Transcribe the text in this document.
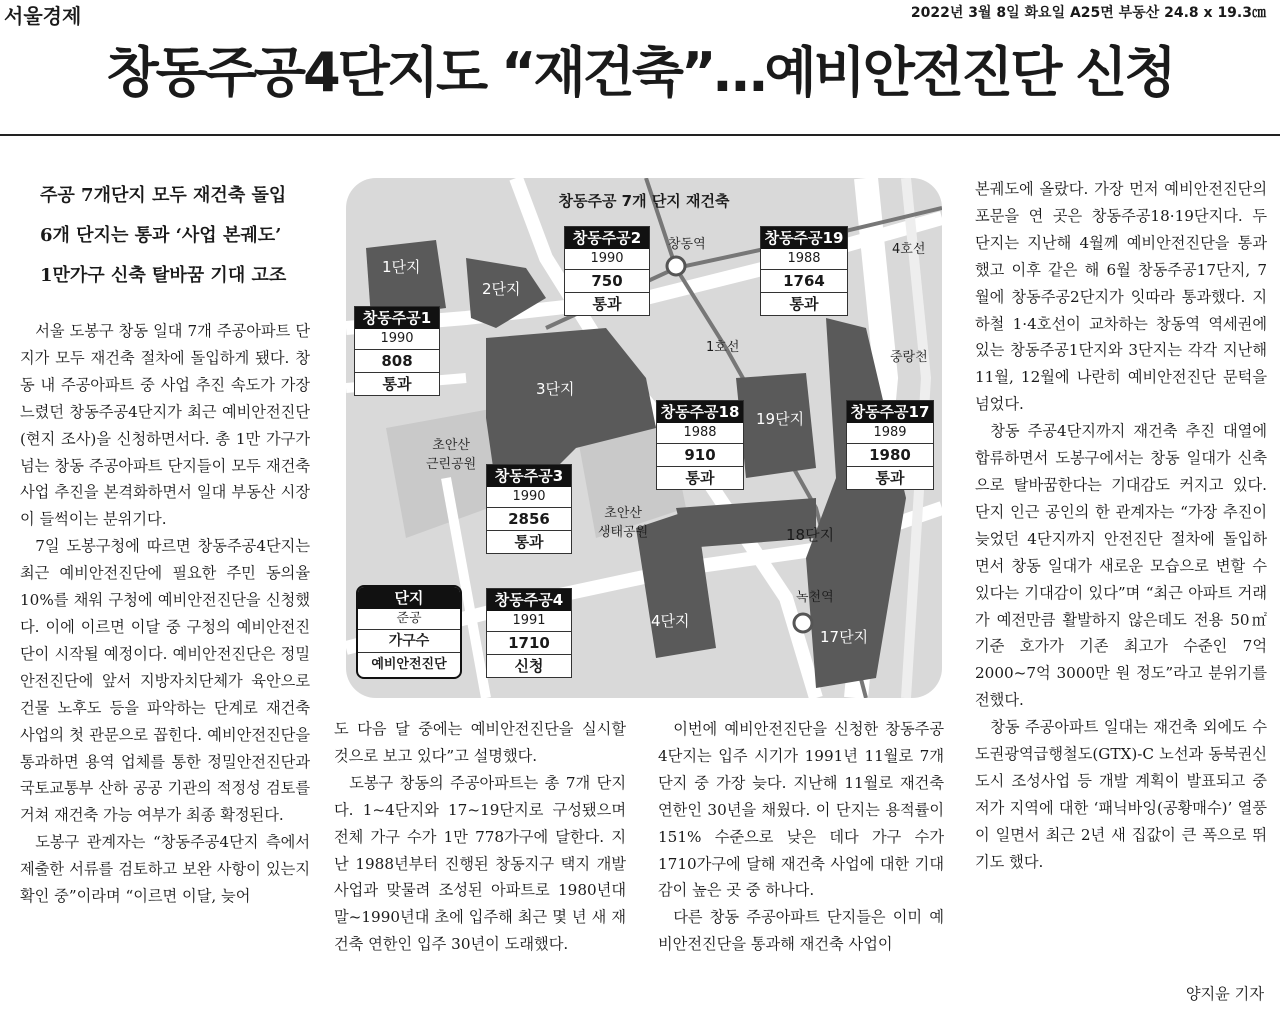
서울경제	2022년 3월 8일 화요일 A25면 부동산 24.8 x 19.3㎝
창동주공4단지도 “재건축”…예비안전진단 신청
주공 7개단지 모두 재건축 돌입
6개 단지는 통과 ‘사업 본궤도’
1만가구 신축 탈바꿈 기대 고조

서울 도봉구 창동 일대 7개 주공아파트 단지가 모두 재건축 절차에 돌입하게 됐다. 창동 내 주공아파트 중 사업 추진 속도가 가장 느렸던 창동주공4단지가 최근 예비안전진단(현지 조사)을 신청하면서다. 총 1만 가구가 넘는 창동 주공아파트 단지들이 모두 재건축 사업 추진을 본격화하면서 일대 부동산 시장이 들썩이는 분위기다.

7일 도봉구청에 따르면 창동주공4단지는 최근 예비안전진단에 필요한 주민 동의율 10%를 채워 구청에 예비안전진단을 신청했다. 이에 이르면 이달 중 구청의 예비안전진단이 시작될 예정이다. 예비안전진단은 정밀안전진단에 앞서 지방자치단체가 육안으로 건물 노후도 등을 파악하는 단계로 재건축 사업의 첫 관문으로 꼽힌다. 예비안전진단을 통과하면 용역 업체를 통한 정밀안전진단과 국토교통부 산하 공공 기관의 적정성 검토를 거쳐 재건축 가능 여부가 최종 확정된다.

도봉구 관계자는 “창동주공4단지 측에서 제출한 서류를 검토하고 보완 사항이 있는지 확인 중”이라며 “이르면 이달, 늦어

창동주공 7개 단지 재건축
1단지
2단지
3단지
4단지
17단지
18단지
19단지
창동역
녹천역
1호선
4호선
중랑천
초안산
근린공원
초안산
생태공원
창동주공1
1990
808
통과
창동주공2
1990
750
통과
창동주공3
1990
2856
통과
창동주공4
1991
1710
신청
창동주공17
1989
1980
통과
창동주공18
1988
910
통과
창동주공19
1988
1764
통과
단지
준공
가구수
예비안전진단

도 다음 달 중에는 예비안전진단을 실시할 것으로 보고 있다”고 설명했다.

도봉구 창동의 주공아파트는 총 7개 단지다. 1~4단지와 17~19단지로 구성됐으며 전체 가구 수가 1만 778가구에 달한다. 지난 1988년부터 진행된 창동지구 택지 개발 사업과 맞물려 조성된 아파트로 1980년대 말~1990년대 초에 입주해 최근 몇 년 새 재건축 연한인 입주 30년이 도래했다.

이번에 예비안전진단을 신청한 창동주공4단지는 입주 시기가 1991년 11월로 7개 단지 중 가장 늦다. 지난해 11월로 재건축 연한인 30년을 채웠다. 이 단지는 용적률이 151% 수준으로 낮은 데다 가구 수가 1710가구에 달해 재건축 사업에 대한 기대감이 높은 곳 중 하나다.

다른 창동 주공아파트 단지들은 이미 예비안전진단을 통과해 재건축 사업이

본궤도에 올랐다. 가장 먼저 예비안전진단의 포문을 연 곳은 창동주공18·19단지다. 두 단지는 지난해 4월께 예비안전진단을 통과했고 이후 같은 해 6월 창동주공17단지, 7월에 창동주공2단지가 잇따라 통과했다. 지하철 1·4호선이 교차하는 창동역 역세권에 있는 창동주공1단지와 3단지는 각각 지난해 11월, 12월에 나란히 예비안전진단 문턱을 넘었다.

창동 주공4단지까지 재건축 추진 대열에 합류하면서 도봉구에서는 창동 일대가 신축으로 탈바꿈한다는 기대감도 커지고 있다. 단지 인근 공인의 한 관계자는 “가장 추진이 늦었던 4단지까지 안전진단 절차에 돌입하면서 창동 일대가 새로운 모습으로 변할 수 있다는 기대감이 있다”며 “최근 아파트 거래가 예전만큼 활발하지 않은데도 전용 50㎡ 기준 호가가 기존 최고가 수준인 7억 2000~7억 3000만 원 정도”라고 분위기를 전했다.

창동 주공아파트 일대는 재건축 외에도 수도권광역급행철도(GTX)-C 노선과 동북권신도시 조성사업 등 개발 계획이 발표되고 중저가 지역에 대한 ‘패닉바잉(공황매수)’ 열풍이 일면서 최근 2년 새 집값이 큰 폭으로 뛰기도 했다.

양지윤 기자
